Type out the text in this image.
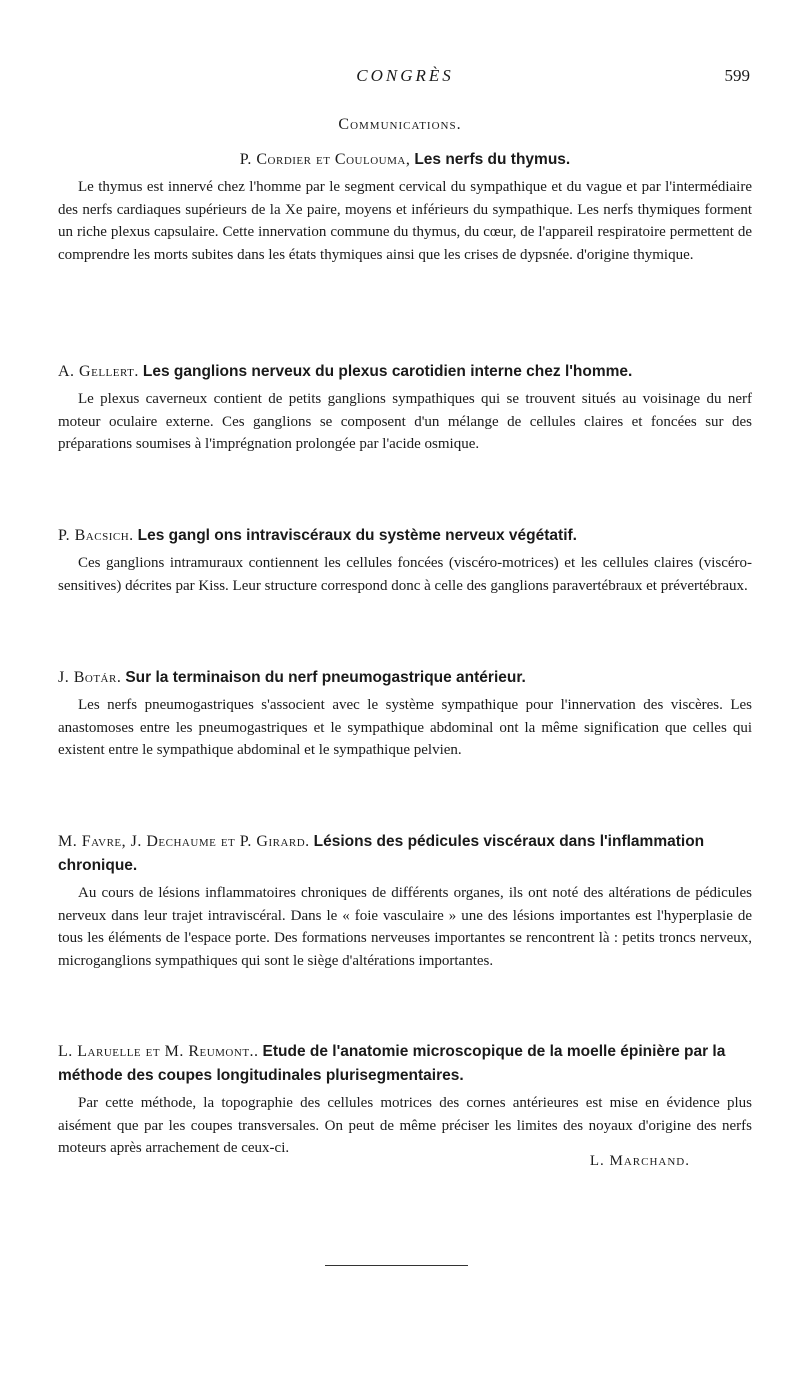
CONGRÈS	599
Communications.
P. Cordier et Coulouma, Les nerfs du thymus.

Le thymus est innervé chez l'homme par le segment cervical du sympathique et du vague et par l'intermédiaire des nerfs cardiaques supérieurs de la Xe paire, moyens et inférieurs du sympathique. Les nerfs thymiques forment un riche plexus capsulaire. Cette innervation commune du thymus, du cœur, de l'appareil respiratoire permettent de comprendre les morts subites dans les états thymiques ainsi que les crises de dypsnée. d'origine thymique.

A. Gellert. Les ganglions nerveux du plexus carotidien interne chez l'homme.

Le plexus caverneux contient de petits ganglions sympathiques qui se trouvent situés au voisinage du nerf moteur oculaire externe. Ces ganglions se composent d'un mélange de cellules claires et foncées sur des préparations soumises à l'imprégnation prolongée par l'acide osmique.

P. Bacsich. Les gangl ons intraviscéraux du système nerveux végétatif.

Ces ganglions intramuraux contiennent les cellules foncées (viscéro-motrices) et les cellules claires (viscéro-sensitives) décrites par Kiss. Leur structure correspond donc à celle des ganglions paravertébraux et prévertébraux.

J. Botár. Sur la terminaison du nerf pneumogastrique antérieur.

Les nerfs pneumogastriques s'associent avec le système sympathique pour l'innervation des viscères. Les anastomoses entre les pneumogastriques et le sympathique abdominal ont la même signification que celles qui existent entre le sympathique abdominal et le sympathique pelvien.

M. Favre, J. Dechaume et P. Girard. Lésions des pédicules viscéraux dans l'inflammation chronique.

Au cours de lésions inflammatoires chroniques de différents organes, ils ont noté des altérations de pédicules nerveux dans leur trajet intraviscéral. Dans le « foie vasculaire » une des lésions importantes est l'hyperplasie de tous les éléments de l'espace porte. Des formations nerveuses importantes se rencontrent là : petits troncs nerveux, microganglions sympathiques qui sont le siège d'altérations importantes.

L. Laruelle et M. Reumont.. Etude de l'anatomie microscopique de la moelle épinière par la méthode des coupes longitudinales plurisegmentaires.

Par cette méthode, la topographie des cellules motrices des cornes antérieures est mise en évidence plus aisément que par les coupes transversales. On peut de même préciser les limites des noyaux d'origine des nerfs moteurs après arrachement de ceux-ci.

L. Marchand.
